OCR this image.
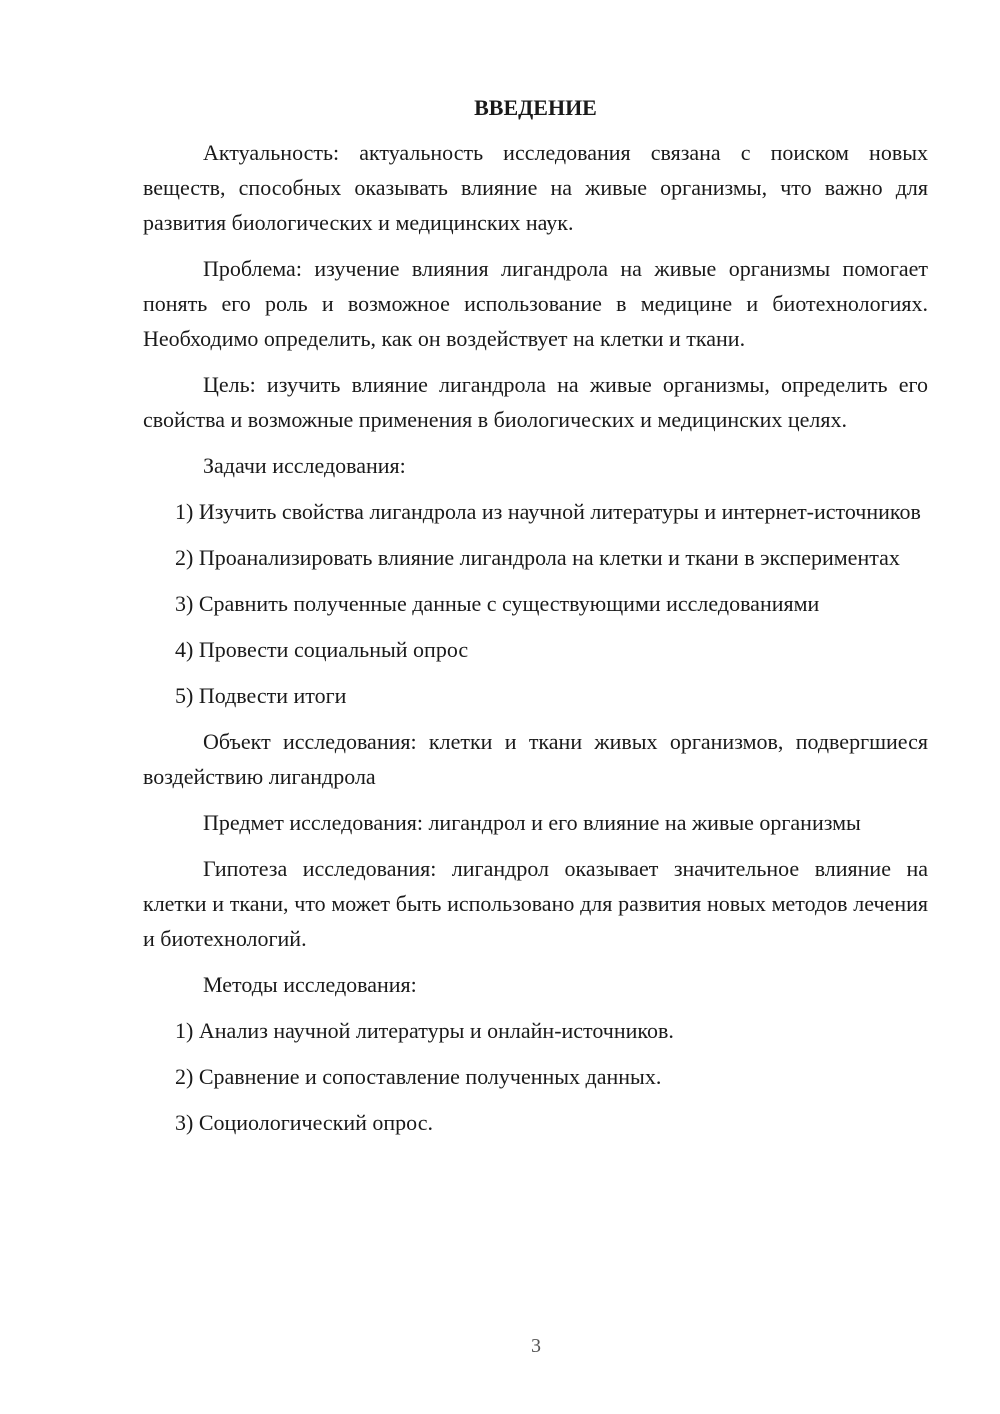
ВВЕДЕНИЕ

Актуальность: актуальность исследования связана с поиском новых веществ, способных оказывать влияние на живые организмы, что важно для развития биологических и медицинских наук.

Проблема: изучение влияния лигандрола на живые организмы помогает понять его роль и возможное использование в медицине и биотехнологиях. Необходимо определить, как он воздействует на клетки и ткани.

Цель: изучить влияние лигандрола на живые организмы, определить его свойства и возможные применения в биологических и медицинских целях.

Задачи исследования:

1) Изучить свойства лигандрола из научной литературы и интернет-источников

2) Проанализировать влияние лигандрола на клетки и ткани в экспериментах

3) Сравнить полученные данные с существующими исследованиями

4) Провести социальный опрос

5) Подвести итоги

Объект исследования: клетки и ткани живых организмов, подвергшиеся воздействию лигандрола

Предмет исследования: лигандрол и его влияние на живые организмы

Гипотеза исследования: лигандрол оказывает значительное влияние на клетки и ткани, что может быть использовано для развития новых методов лечения и биотехнологий.

Методы исследования:

1) Анализ научной литературы и онлайн-источников.

2) Сравнение и сопоставление полученных данных.

3) Социологический опрос.

3
